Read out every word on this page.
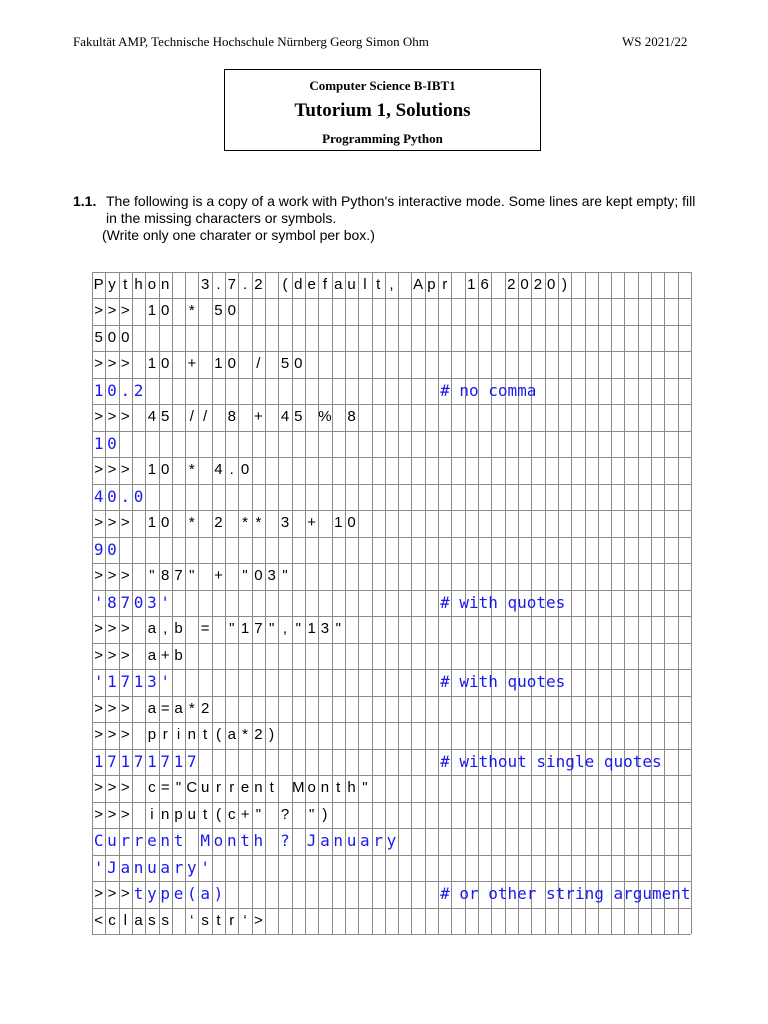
Fakultät AMP, Technische Hochschule Nürnberg Georg Simon Ohm	WS 2021/22
Computer Science B-IBT1
Tutorium 1, Solutions
Programming Python
1.1. The following is a copy of a work with Python's interactive mode. Some lines are kept empty; fill in the missing characters or symbols.
(Write only one charater or symbol per box.)
P y t h o n 3 . 7 . 2 ( d e f a u l t ,	A p r 1 6 2 0 2 0 )
> > > 1 0 * 5 0
5 0 0
> > > 1 0 + 1 0	/	5 0
1 0 . 2	# no comma
> > > 4 5	/ /	8 + 4 5 % 8
1 0
> > > 1 0 * 4 . 0
4 0 . 0
> > > 1 0 * 2 * * 3 + 1 0
9 0
> > > " 8 7 " + " 0 3 "
' 8 7 0 3 '	# with quotes
> > > a , b = " 1 7 " , " 1 3 "
> > > a + b
' 1 7 1 3 '	# with quotes
> > > a = a * 2
> > > p r i n t ( a * 2 )
1 7 1 7 1 7 1 7	# without single quotes
> > > c = " C u r r e n t	M o n t h "
> > >	i n p u t ( c + " ? " )
C u r r e n t M o n t h ? J a n u a r y
' J a n u a r y '
> > > t y p e ( a )	# or other string argument
< c l a s s	‘ s t r ‘ >
